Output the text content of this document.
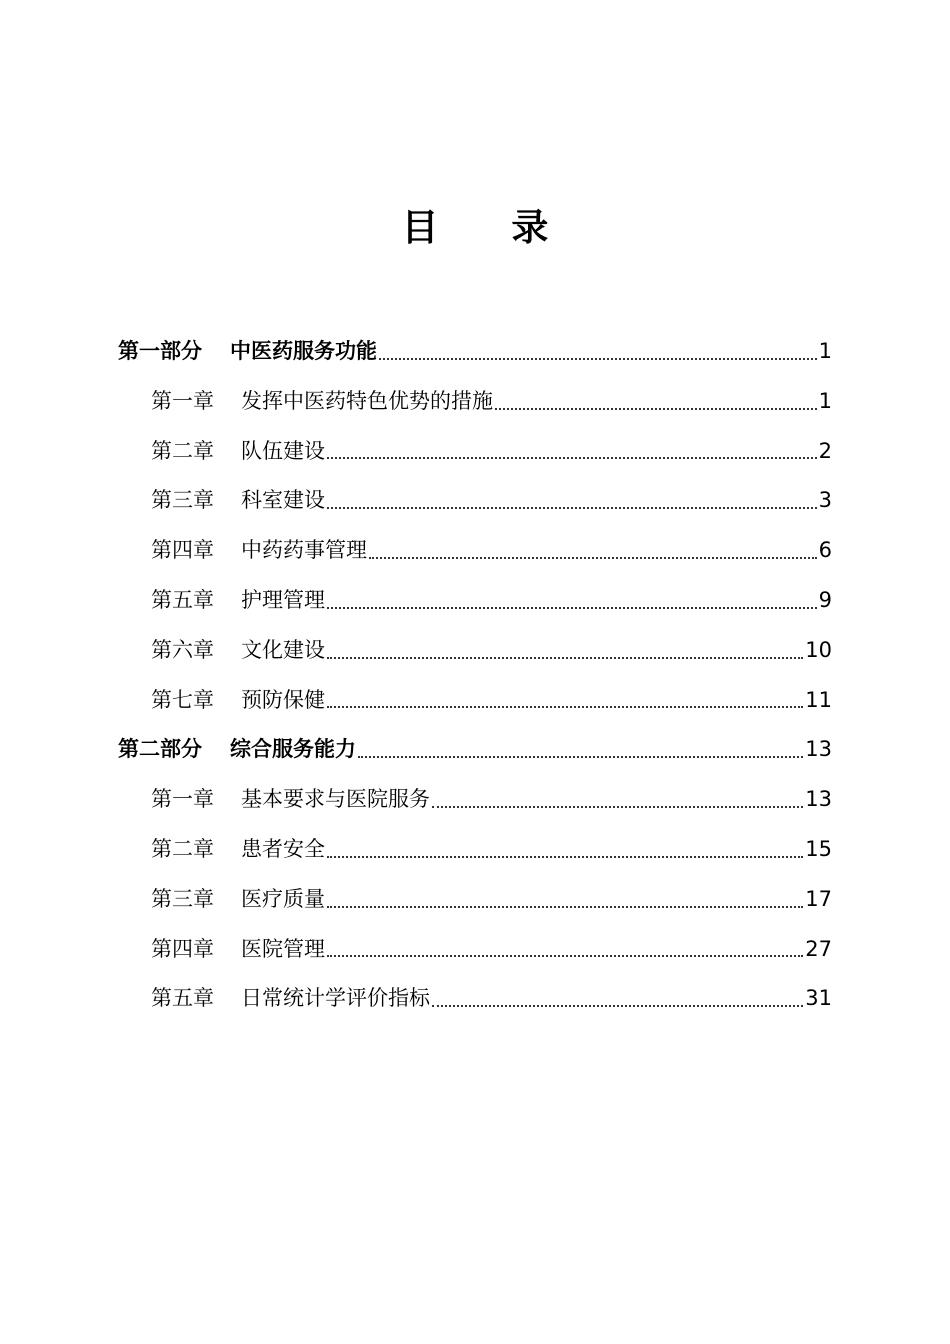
目 录
第一部分	中医药服务功能	1
第一章	发挥中医药特色优势的措施	1
第二章	队伍建设	2
第三章	科室建设	3
第四章	中药药事管理	6
第五章	护理管理	9
第六章	文化建设	10
第七章	预防保健	11
第二部分	综合服务能力	13
第一章	基本要求与医院服务	13
第二章	患者安全	15
第三章	医疗质量	17
第四章	医院管理	27
第五章	日常统计学评价指标	31
